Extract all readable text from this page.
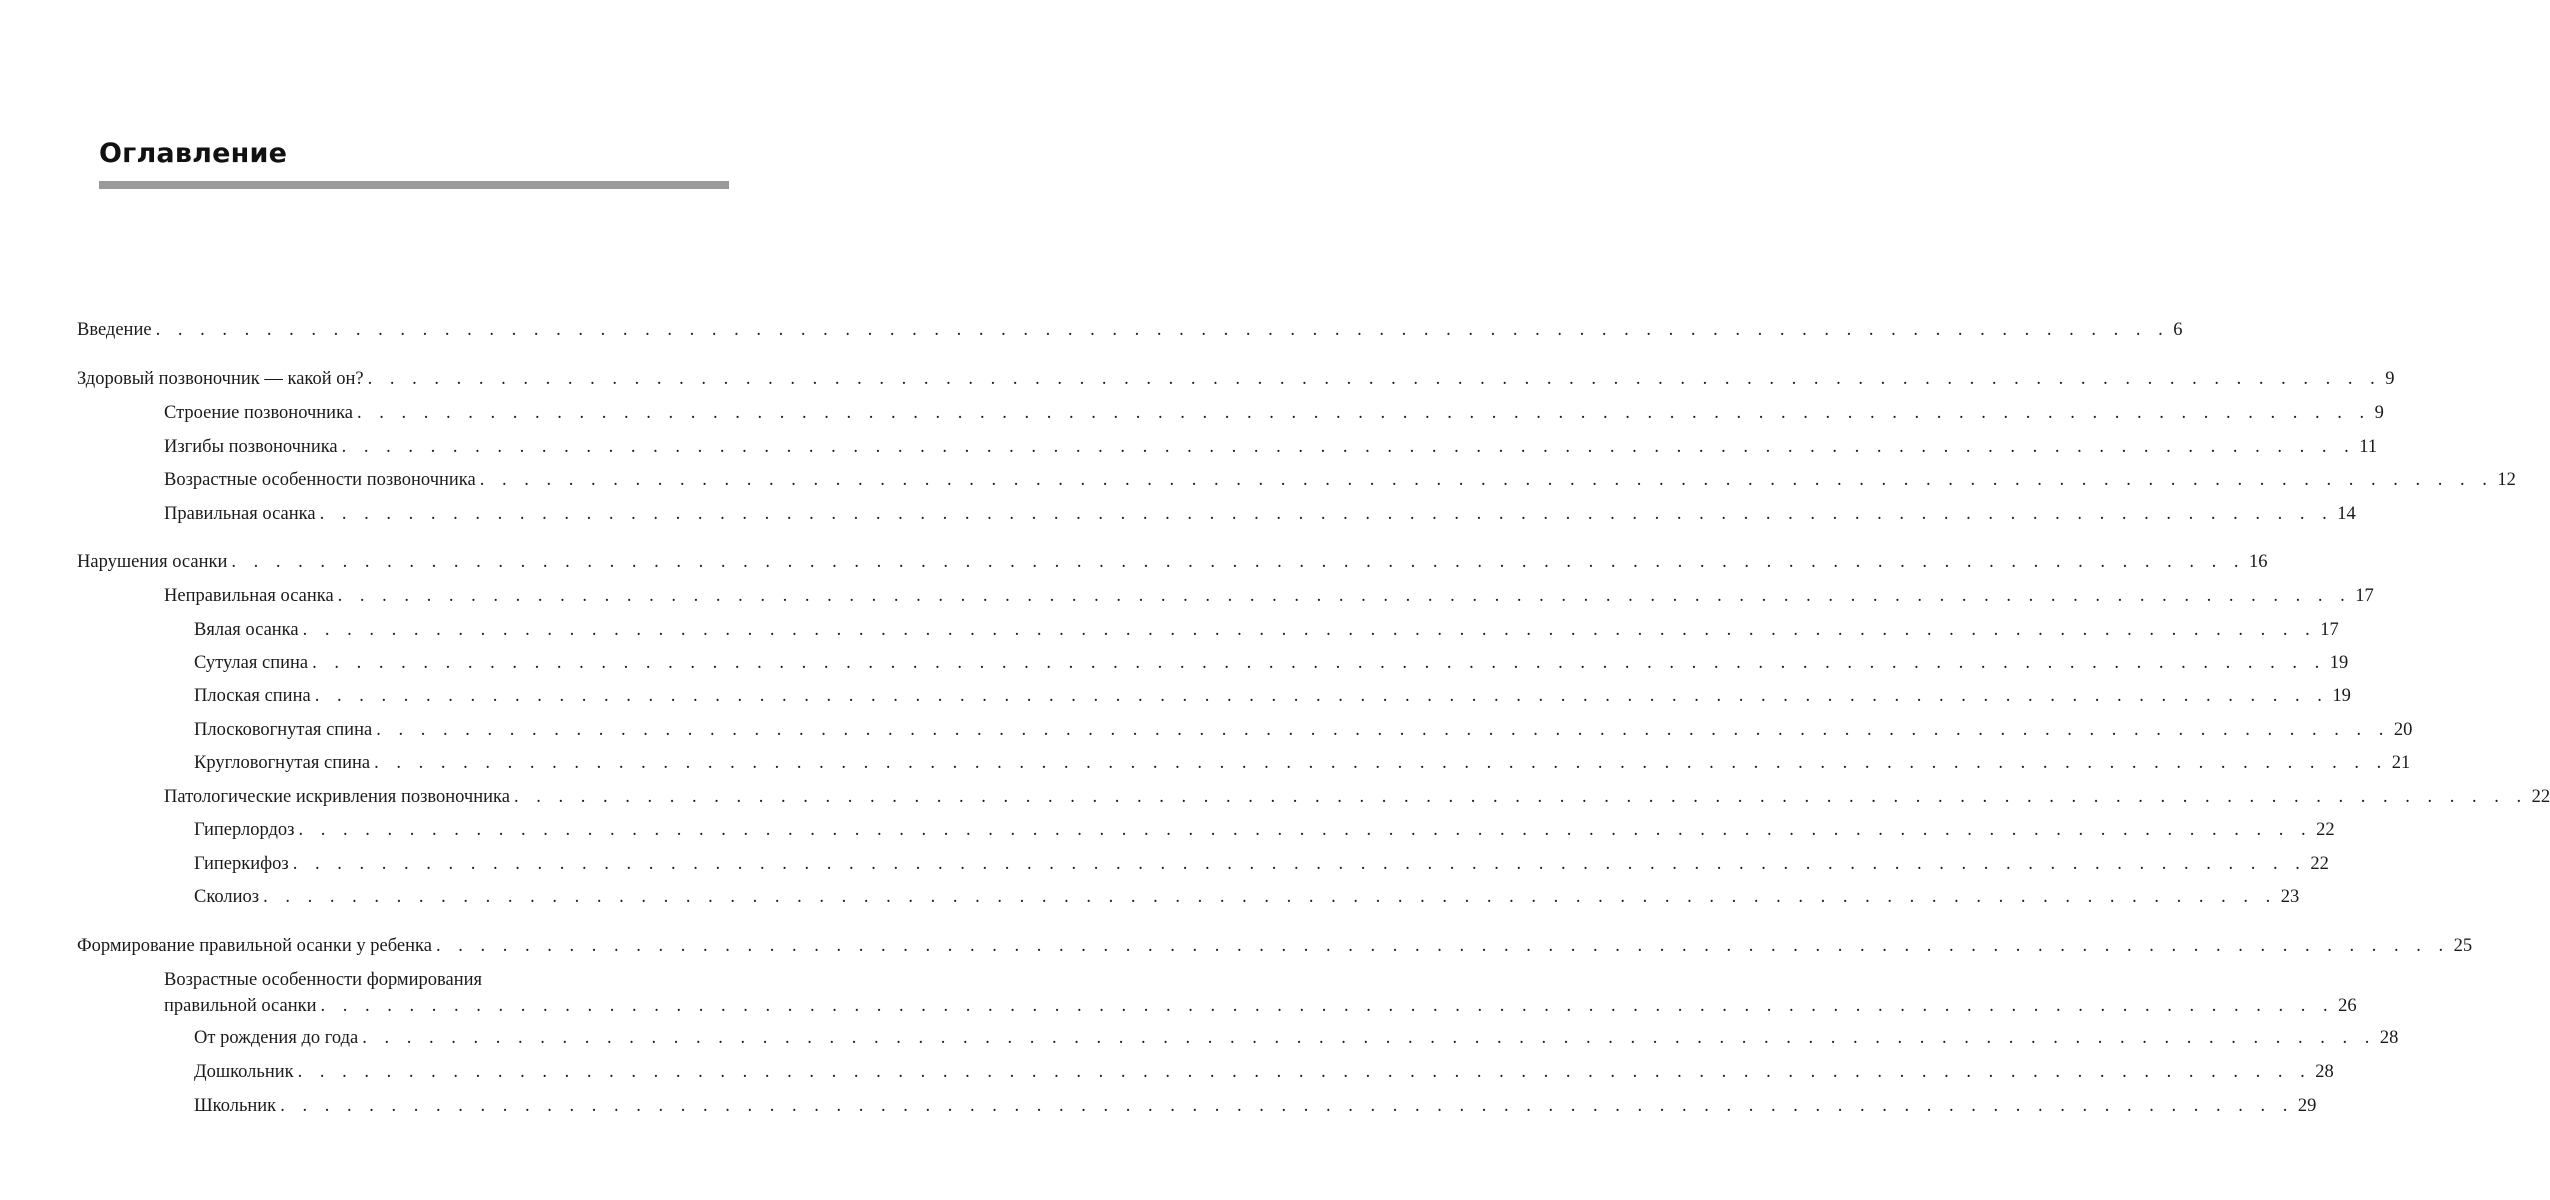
Оглавление
Введение . . . . . . . . . . . . . . . . . . . . . . . . . . . . . . . . . . . . . . . . . . . . . . . . . . . . . . . . . . . . . . . . . . . . . . . . . . . . . . . . . . . . . . . . . . . 6
Здоровый позвоночник — какой он? . . . . . . . . . . . . . . . . . . . . . . . . . . . . . . . . . . . . . . . . . . . . . . . . . . . . . . . . . . . . . . . . . . . . . . . . . . . . . . . . . . . . . . . . . . . 9
Строение позвоночника . . . . . . . . . . . . . . . . . . . . . . . . . . . . . . . . . . . . . . . . . . . . . . . . . . . . . . . . . . . . . . . . . . . . . . . . . . . . . . . . . . . . . . . . . . . 9
Изгибы позвоночника . . . . . . . . . . . . . . . . . . . . . . . . . . . . . . . . . . . . . . . . . . . . . . . . . . . . . . . . . . . . . . . . . . . . . . . . . . . . . . . . . . . . . . . . . . . 11
Возрастные особенности позвоночника . . . . . . . . . . . . . . . . . . . . . . . . . . . . . . . . . . . . . . . . . . . . . . . . . . . . . . . . . . . . . . . . . . . . . . . . . . . . . . . . . . . . . . . . . . . 12
Правильная осанка . . . . . . . . . . . . . . . . . . . . . . . . . . . . . . . . . . . . . . . . . . . . . . . . . . . . . . . . . . . . . . . . . . . . . . . . . . . . . . . . . . . . . . . . . . . 14
Нарушения осанки . . . . . . . . . . . . . . . . . . . . . . . . . . . . . . . . . . . . . . . . . . . . . . . . . . . . . . . . . . . . . . . . . . . . . . . . . . . . . . . . . . . . . . . . . . . 16
Неправильная осанка . . . . . . . . . . . . . . . . . . . . . . . . . . . . . . . . . . . . . . . . . . . . . . . . . . . . . . . . . . . . . . . . . . . . . . . . . . . . . . . . . . . . . . . . . . . 17
Вялая осанка . . . . . . . . . . . . . . . . . . . . . . . . . . . . . . . . . . . . . . . . . . . . . . . . . . . . . . . . . . . . . . . . . . . . . . . . . . . . . . . . . . . . . . . . . . . 17
Сутулая спина . . . . . . . . . . . . . . . . . . . . . . . . . . . . . . . . . . . . . . . . . . . . . . . . . . . . . . . . . . . . . . . . . . . . . . . . . . . . . . . . . . . . . . . . . . . 19
Плоская спина . . . . . . . . . . . . . . . . . . . . . . . . . . . . . . . . . . . . . . . . . . . . . . . . . . . . . . . . . . . . . . . . . . . . . . . . . . . . . . . . . . . . . . . . . . . 19
Плосковогнутая спина . . . . . . . . . . . . . . . . . . . . . . . . . . . . . . . . . . . . . . . . . . . . . . . . . . . . . . . . . . . . . . . . . . . . . . . . . . . . . . . . . . . . . . . . . . . 20
Кругловогнутая спина . . . . . . . . . . . . . . . . . . . . . . . . . . . . . . . . . . . . . . . . . . . . . . . . . . . . . . . . . . . . . . . . . . . . . . . . . . . . . . . . . . . . . . . . . . . 21
Патологические искривления позвоночника . . . . . . . . . . . . . . . . . . . . . . . . . . . . . . . . . . . . . . . . . . . . . . . . . . . . . . . . . . . . . . . . . . . . . . . . . . . . . . . . . . . . . . . . . . . 22
Гиперлордоз . . . . . . . . . . . . . . . . . . . . . . . . . . . . . . . . . . . . . . . . . . . . . . . . . . . . . . . . . . . . . . . . . . . . . . . . . . . . . . . . . . . . . . . . . . . 22
Гиперкифоз . . . . . . . . . . . . . . . . . . . . . . . . . . . . . . . . . . . . . . . . . . . . . . . . . . . . . . . . . . . . . . . . . . . . . . . . . . . . . . . . . . . . . . . . . . . 22
Сколиоз . . . . . . . . . . . . . . . . . . . . . . . . . . . . . . . . . . . . . . . . . . . . . . . . . . . . . . . . . . . . . . . . . . . . . . . . . . . . . . . . . . . . . . . . . . . 23
Формирование правильной осанки у ребенка . . . . . . . . . . . . . . . . . . . . . . . . . . . . . . . . . . . . . . . . . . . . . . . . . . . . . . . . . . . . . . . . . . . . . . . . . . . . . . . . . . . . . . . . . . . 25
Возрастные особенности формирования
правильной осанки . . . . . . . . . . . . . . . . . . . . . . . . . . . . . . . . . . . . . . . . . . . . . . . . . . . . . . . . . . . . . . . . . . . . . . . . . . . . . . . . . . . . . . . . . . . 26
От рождения до года . . . . . . . . . . . . . . . . . . . . . . . . . . . . . . . . . . . . . . . . . . . . . . . . . . . . . . . . . . . . . . . . . . . . . . . . . . . . . . . . . . . . . . . . . . . 28
Дошкольник . . . . . . . . . . . . . . . . . . . . . . . . . . . . . . . . . . . . . . . . . . . . . . . . . . . . . . . . . . . . . . . . . . . . . . . . . . . . . . . . . . . . . . . . . . . 28
Школьник . . . . . . . . . . . . . . . . . . . . . . . . . . . . . . . . . . . . . . . . . . . . . . . . . . . . . . . . . . . . . . . . . . . . . . . . . . . . . . . . . . . . . . . . . . . 29
